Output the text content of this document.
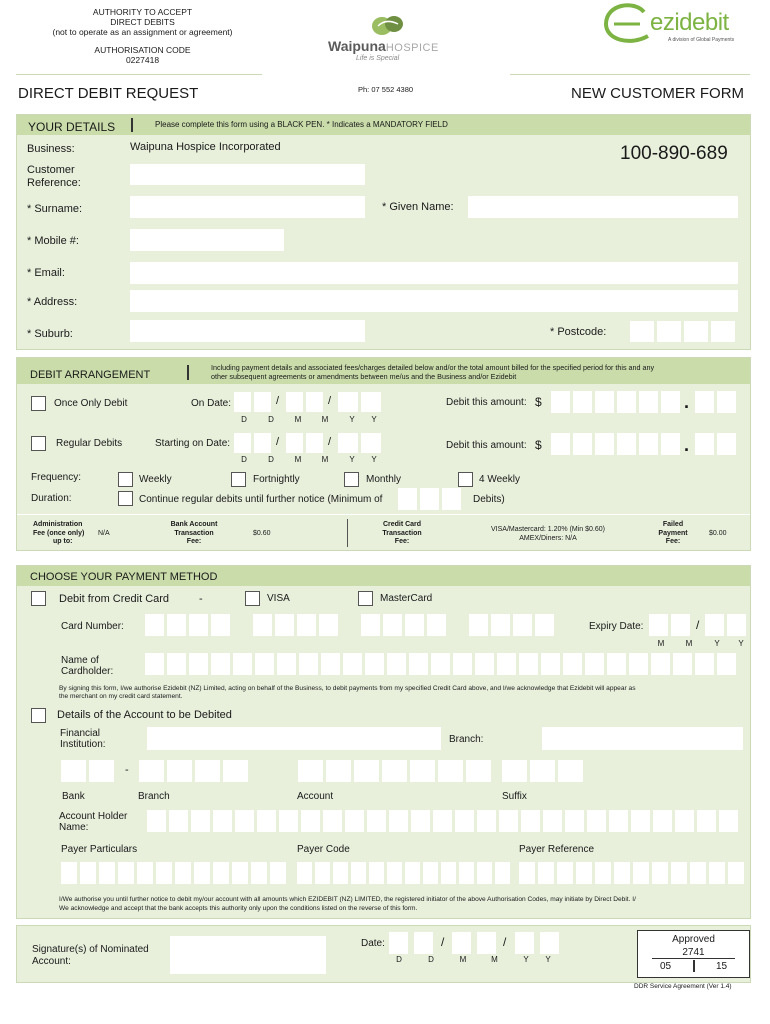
AUTHORITY TO ACCEPT
DIRECT DEBITS
(not to operate as an assignment or agreement)
AUTHORISATION CODE
0227418
WaipunaHOSPICE
Life is Special
ezidebit
A division of Global Payments
DIRECT DEBIT REQUEST	Ph: 07 552 4380	NEW CUSTOMER FORM
YOUR DETAILS	Please complete this form using a BLACK PEN. * Indicates a MANDATORY FIELD
Business:	Waipuna Hospice Incorporated	100-890-689
Customer
Reference:
* Surname:	* Given Name:
* Mobile #:
* Email:
* Address:
* Suburb:	* Postcode:
DEBIT ARRANGEMENT
Including payment details and associated fees/charges detailed below and/or the total amount billed for the specified period for this and any
other subsequent agreements or amendments between me/us and the Business and/or Ezidebit
Once Only Debit	On Date:	/	/
D	D	M	M	Y	Y
Debit this amount: $	.
Regular Debits	Starting on Date:	/	/
D	D	M	M	Y	Y
Debit this amount: $	.
Frequency:	Weekly	Fortnightly	Monthly	4 Weekly
Duration:	Continue regular debits until further notice (Minimum of	Debits)
Administration
Fee (once only)
up to:
N/A
Bank Account
Transaction
Fee:
$0.60
Credit Card
Transaction
Fee:
VISA/Mastercard: 1.20% (Min $0.60)
AMEX/Diners: N/A
Failed
Payment
Fee:
$0.00
CHOOSE YOUR PAYMENT METHOD
Debit from Credit Card	-	VISA	MasterCard
Card Number:	Expiry Date:	/
M	M	Y	Y
Name of
Cardholder:
By signing this form, I/we authorise Ezidebit (NZ) Limited, acting on behalf of the Business, to debit payments from my specified Credit Card above, and I/we acknowledge that Ezidebit will appear as
the merchant on my credit card statement.
Details of the Account to be Debited
Financial
Institution:	Branch:
-
Bank	Branch	Account	Suffix
Account Holder
Name:
Payer Particulars	Payer Code	Payer Reference
I/We authorise you until further notice to debit my/our account with all amounts which EZIDEBIT (NZ) LIMITED, the registered initiator of the above Authorisation Codes, may initiate by Direct Debit. I/
We acknowledge and accept that the bank accepts this authority only upon the conditions listed on the reverse of this form.
Signature(s) of Nominated
Account:
Date:	/	/
D	D	M	M	Y	Y
Approved
2741
05	15
DDR Service Agreement (Ver 1.4)
